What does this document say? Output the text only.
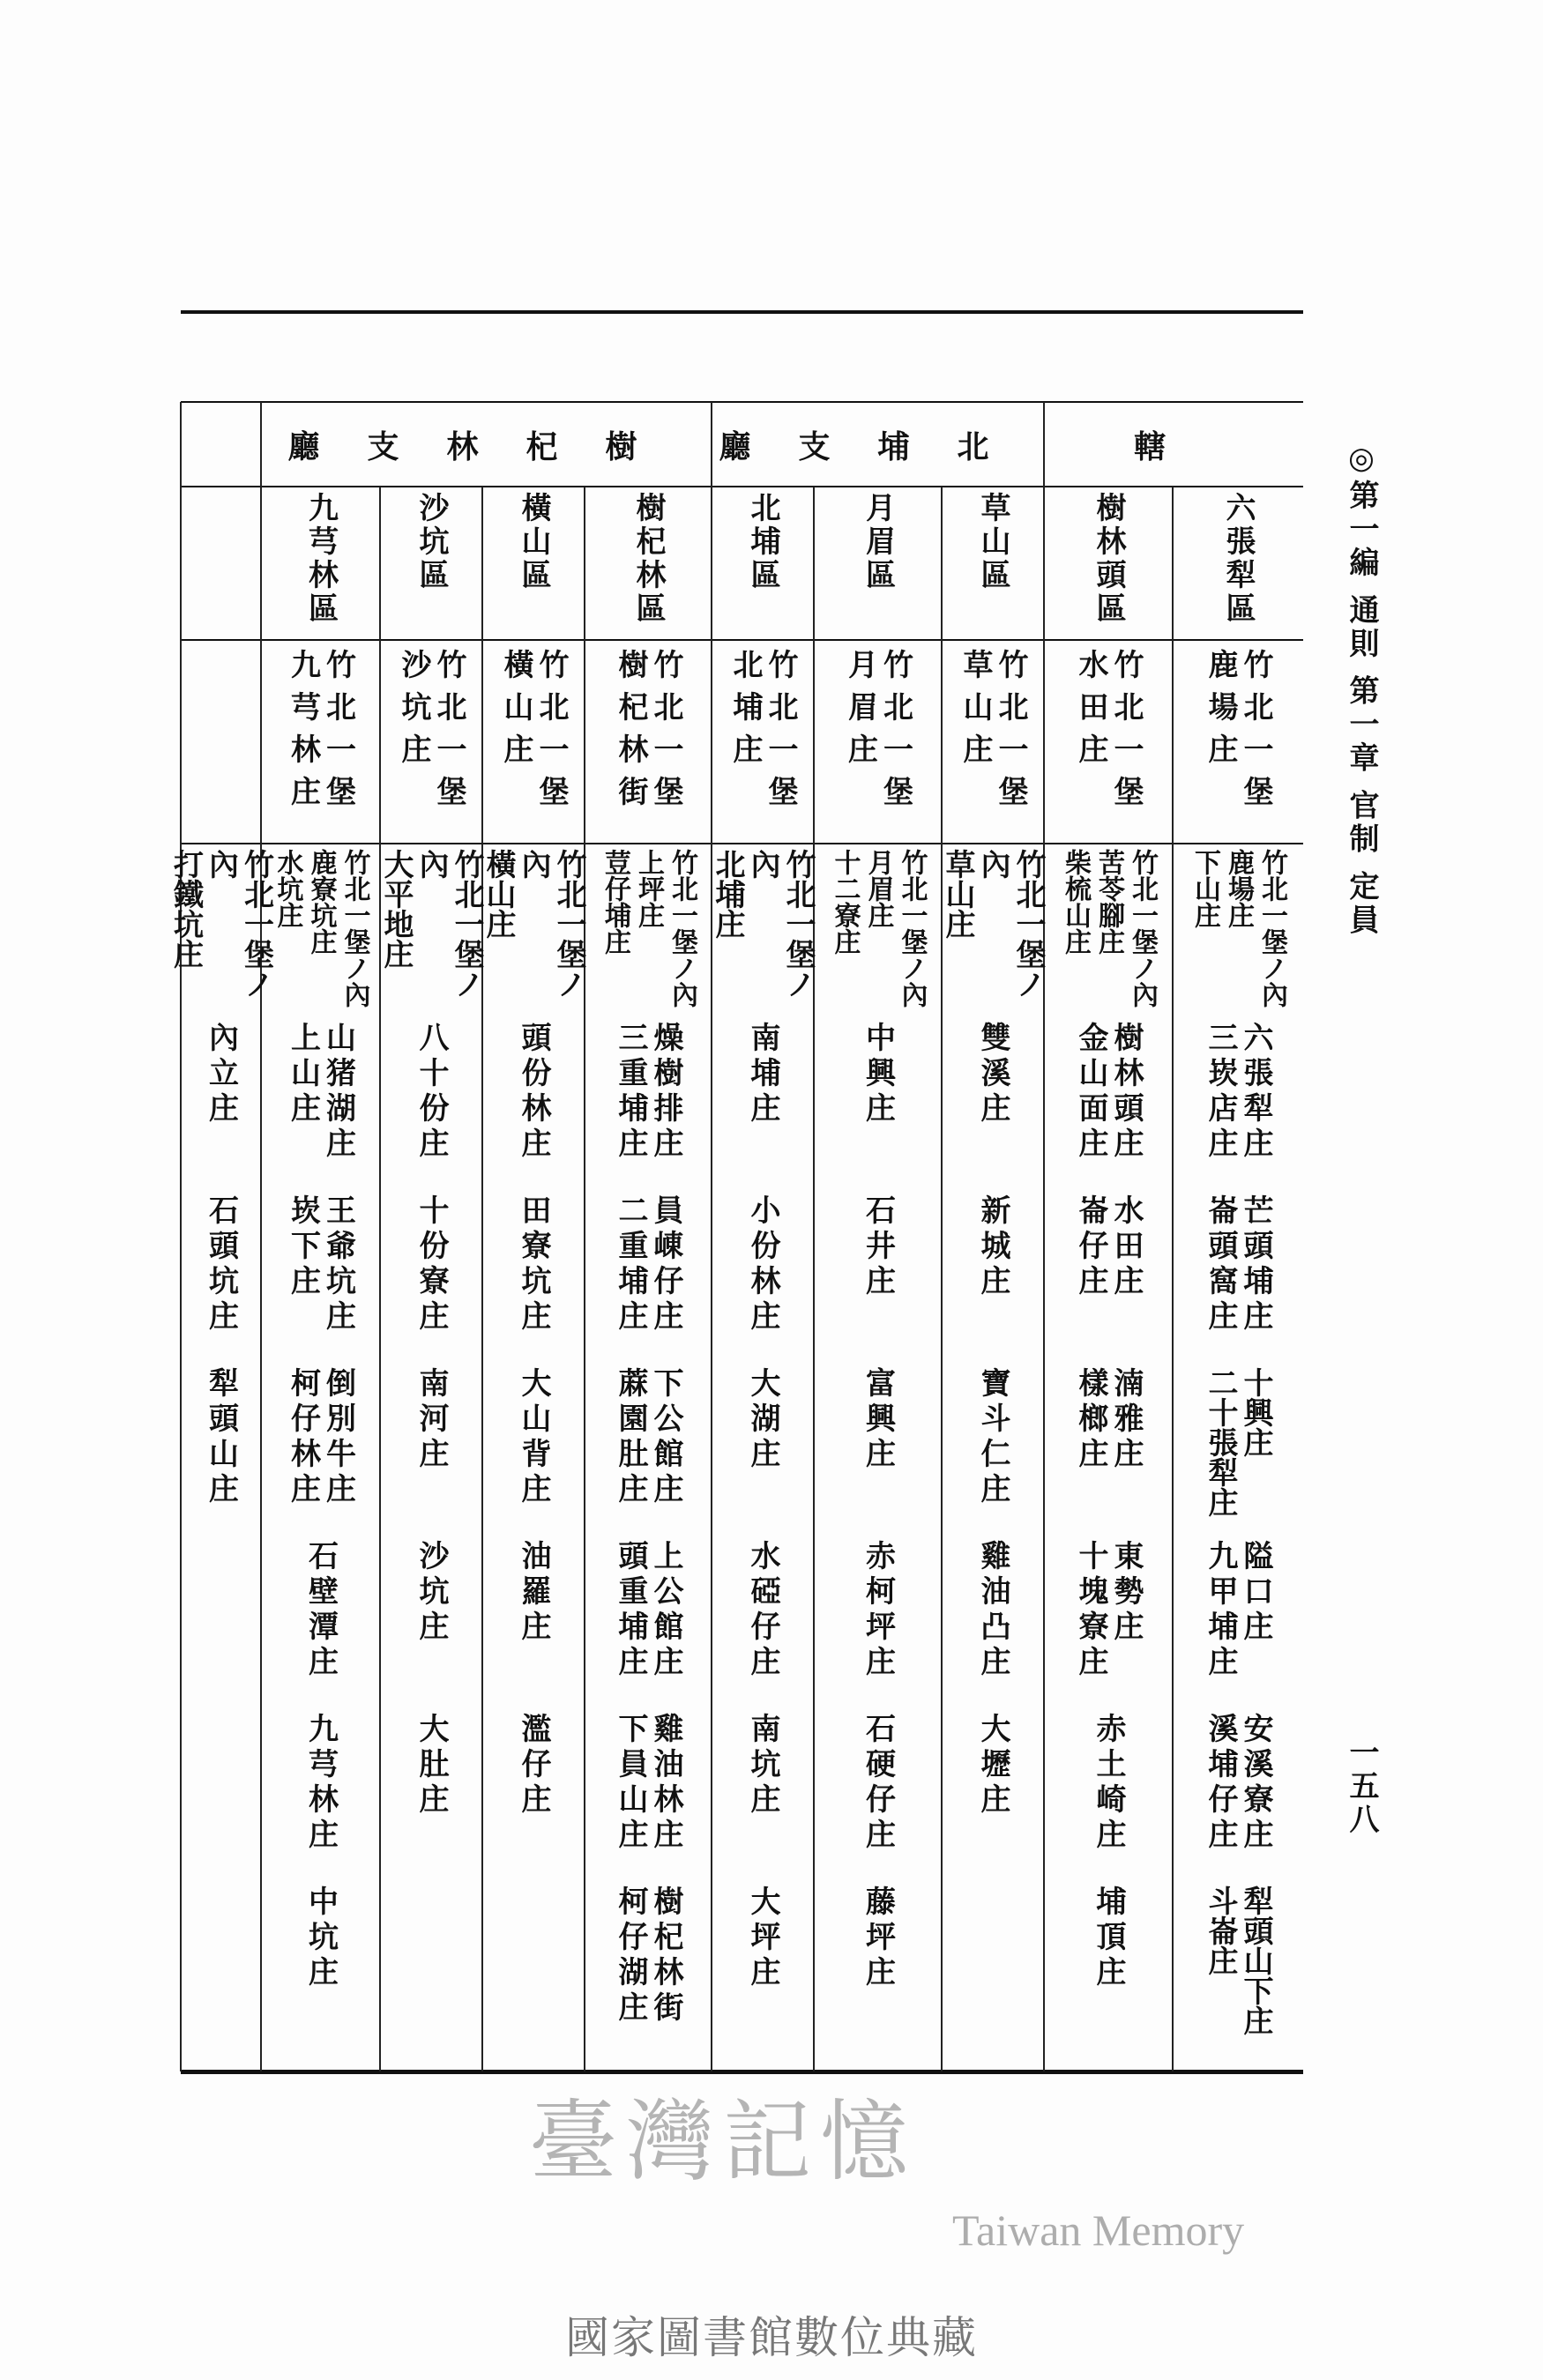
轄
北埔支廳
樹杞林支廳
六張犁區
竹北一堡
鹿場庄
竹北一堡ノ內
鹿場庄
下山庄
六張犁庄
三崁店庄
芒頭埔庄
崙頭窩庄
十興庄
二十張犁庄
隘口庄
九甲埔庄
安溪寮庄
溪埔仔庄
犁頭山下庄
斗崙庄
樹林頭區
竹北一堡
水田庄
竹北一堡ノ內
苦苓腳庄
柴梳山庄
樹林頭庄
金山面庄
水田庄
崙仔庄
湳雅庄
樣榔庄
東勢庄
十塊寮庄
赤土崎庄
埔頂庄
草山區
竹北一堡
草山庄
竹北一堡ノ內
草山庄
雙溪庄
新城庄
寶斗仁庄
雞油凸庄
大壢庄
月眉區
竹北一堡
月眉庄
竹北一堡ノ內
月眉庄
十二寮庄
中興庄
石井庄
富興庄
赤柯坪庄
石硬仔庄
藤坪庄
北埔區
竹北一堡
北埔庄
竹北一堡ノ內
北埔庄
南埔庄
小份林庄
大湖庄
水䃁仔庄
南坑庄
大坪庄
樹杞林區
竹北一堡
樹杞林街
竹北一堡ノ內
上坪庄
荳仔埔庄
燥樹排庄
三重埔庄
員崠仔庄
二重埔庄
下公館庄
蔴園肚庄
上公館庄
頭重埔庄
雞油林庄
下員山庄
樹杞林街
柯仔湖庄
橫山區
竹北一堡
橫山庄
竹北一堡ノ內
橫山庄
頭份林庄
田寮坑庄
大山背庄
油羅庄
濫仔庄
沙坑區
竹北一堡
沙坑庄
竹北一堡ノ內
大平地庄
八十份庄
十份寮庄
南河庄
沙坑庄
大肚庄
九芎林區
竹北一堡
九芎林庄
竹北一堡ノ內
鹿寮坑庄
水坑庄
山猪湖庄
上山庄
王爺坑庄
崁下庄
倒別牛庄
柯仔林庄
石壁潭庄
九芎林庄
中坑庄
竹北一堡ノ內
打鐵坑庄
內立庄
石頭坑庄
犁頭山庄
◎第一編 通則 第一章 官制 定員
一五八
臺灣記憶
Taiwan Memory
國家圖書館數位典藏
